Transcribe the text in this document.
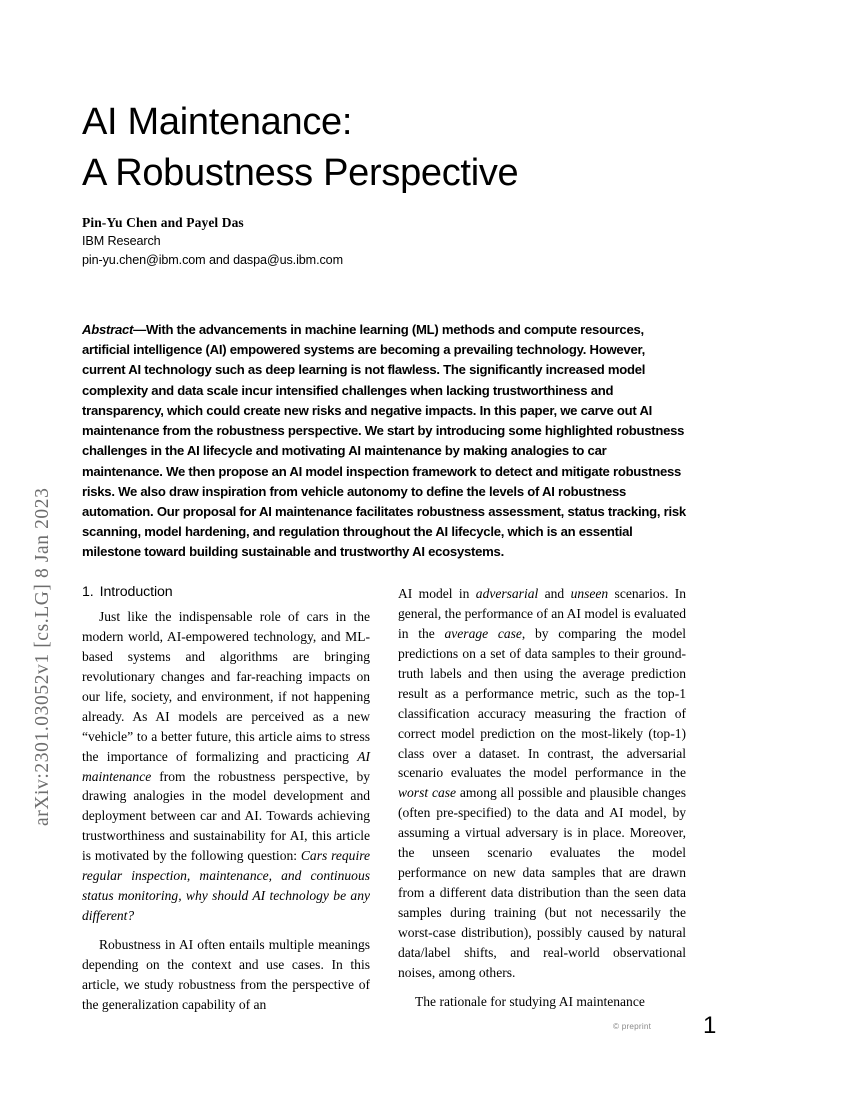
arXiv:2301.03052v1 [cs.LG] 8 Jan 2023
AI Maintenance:
A Robustness Perspective
Pin-Yu Chen and Payel Das
IBM Research
pin-yu.chen@ibm.com and daspa@us.ibm.com
Abstract—With the advancements in machine learning (ML) methods and compute resources, artificial intelligence (AI) empowered systems are becoming a prevailing technology. However, current AI technology such as deep learning is not flawless. The significantly increased model complexity and data scale incur intensified challenges when lacking trustworthiness and transparency, which could create new risks and negative impacts. In this paper, we carve out AI maintenance from the robustness perspective. We start by introducing some highlighted robustness challenges in the AI lifecycle and motivating AI maintenance by making analogies to car maintenance. We then propose an AI model inspection framework to detect and mitigate robustness risks. We also draw inspiration from vehicle autonomy to define the levels of AI robustness automation. Our proposal for AI maintenance facilitates robustness assessment, status tracking, risk scanning, model hardening, and regulation throughout the AI lifecycle, which is an essential milestone toward building sustainable and trustworthy AI ecosystems.
1. Introduction

Just like the indispensable role of cars in the modern world, AI-empowered technology, and ML-based systems and algorithms are bringing revolutionary changes and far-reaching impacts on our life, society, and environment, if not happening already. As AI models are perceived as a new “vehicle” to a better future, this article aims to stress the importance of formalizing and practicing AI maintenance from the robustness perspective, by drawing analogies in the model development and deployment between car and AI. Towards achieving trustworthiness and sustainability for AI, this article is motivated by the following question: Cars require regular inspection, maintenance, and continuous status monitoring, why should AI technology be any different?

Robustness in AI often entails multiple meanings depending on the context and use cases. In this article, we study robustness from the perspective of the generalization capability of an

AI model in adversarial and unseen scenarios. In general, the performance of an AI model is evaluated in the average case, by comparing the model predictions on a set of data samples to their ground-truth labels and then using the average prediction result as a performance metric, such as the top-1 classification accuracy measuring the fraction of correct model prediction on the most-likely (top-1) class over a dataset. In contrast, the adversarial scenario evaluates the model performance in the worst case among all possible and plausible changes (often pre-specified) to the data and AI model, by assuming a virtual adversary is in place. Moreover, the unseen scenario evaluates the model performance on new data samples that are drawn from a different data distribution than the seen data samples during training (but not necessarily the worst-case distribution), possibly caused by natural data/label shifts, and real-world observational noises, among others.

The rationale for studying AI maintenance

© preprint 1
